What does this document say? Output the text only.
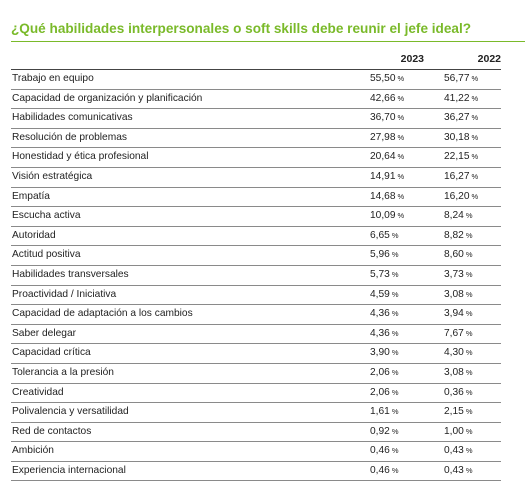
¿Qué habilidades interpersonales o soft skills debe reunir el jefe ideal?
2023	2022
Trabajo en equipo	55,50 %	56,77 %
Capacidad de organización y planificación	42,66 %	41,22 %
Habilidades comunicativas	36,70 %	36,27 %
Resolución de problemas	27,98 %	30,18 %
Honestidad y ética profesional	20,64 %	22,15 %
Visión estratégica	14,91 %	16,27 %
Empatía	14,68 %	16,20 %
Escucha activa	10,09 %	8,24 %
Autoridad	6,65 %	8,82 %
Actitud positiva	5,96 %	8,60 %
Habilidades transversales	5,73 %	3,73 %
Proactividad / Iniciativa	4,59 %	3,08 %
Capacidad de adaptación a los cambios	4,36 %	3,94 %
Saber delegar	4,36 %	7,67 %
Capacidad crítica	3,90 %	4,30 %
Tolerancia a la presión	2,06 %	3,08 %
Creatividad	2,06 %	0,36 %
Polivalencia y versatilidad	1,61 %	2,15 %
Red de contactos	0,92 %	1,00 %
Ambición	0,46 %	0,43 %
Experiencia internacional	0,46 %	0,43 %
